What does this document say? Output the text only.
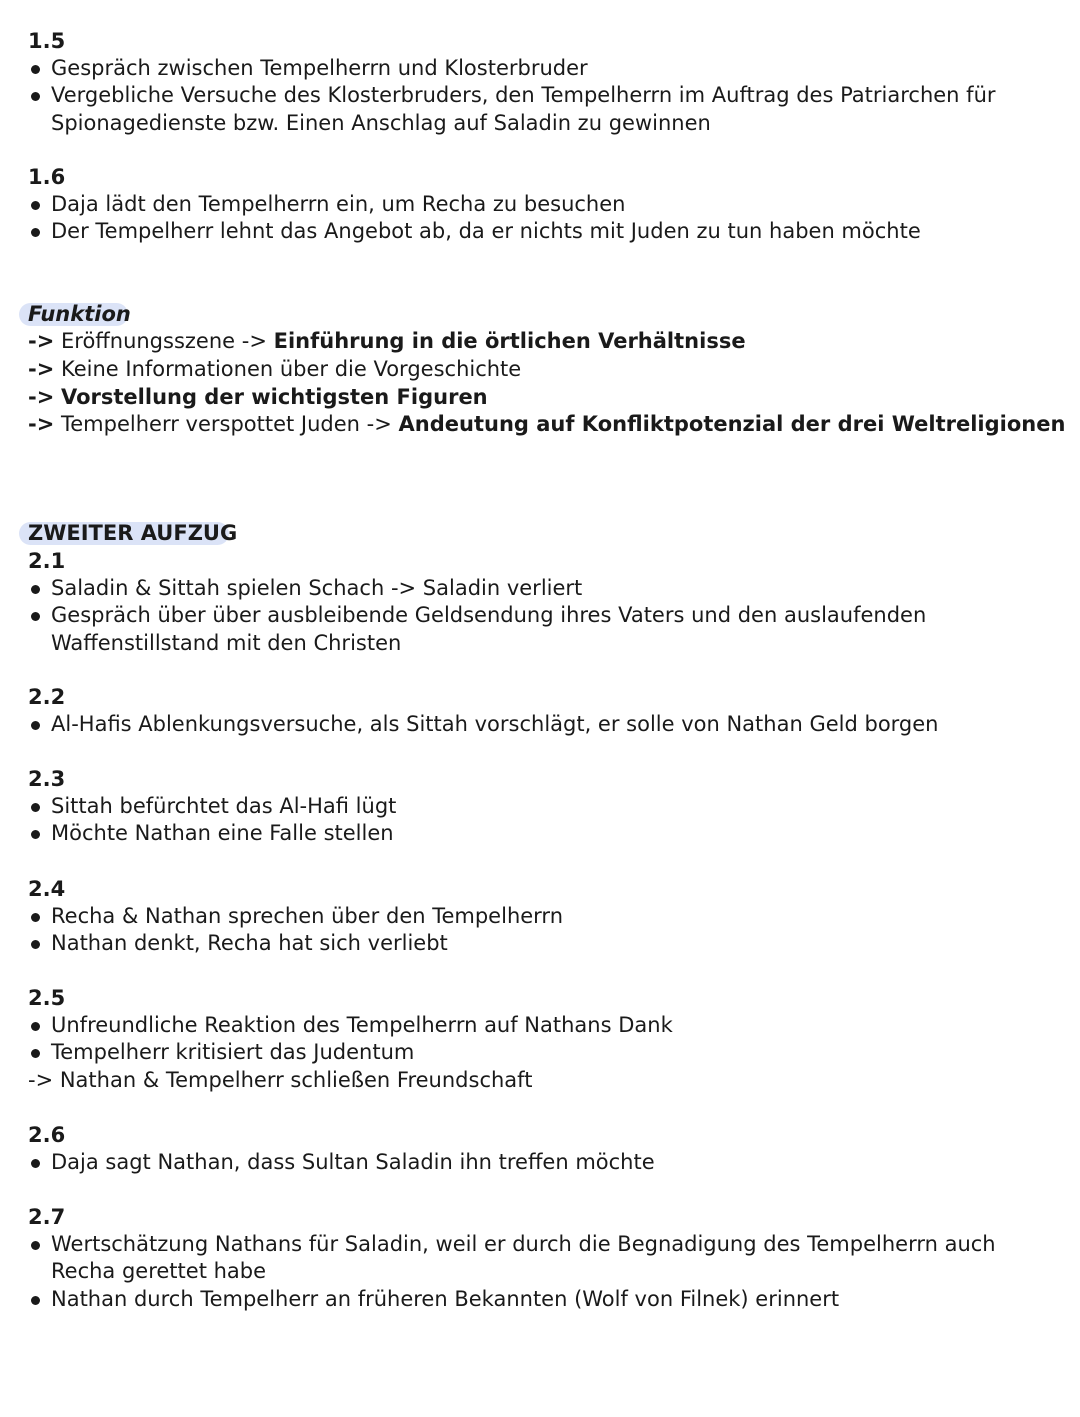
1.5
Gespräch zwischen Tempelherrn und Klosterbruder
Vergebliche Versuche des Klosterbruders, den Tempelherrn im Auftrag des Patriarchen für Spionagedienste bzw. Einen Anschlag auf Saladin zu gewinnen
1.6
Daja lädt den Tempelherrn ein, um Recha zu besuchen
Der Tempelherr lehnt das Angebot ab, da er nichts mit Juden zu tun haben möchte
Funktion
-> Eröffnungsszene -> Einführung in die örtlichen Verhältnisse
-> Keine Informationen über die Vorgeschichte
-> Vorstellung der wichtigsten Figuren
-> Tempelherr verspottet Juden -> Andeutung auf Konfliktpotenzial der drei Weltreligionen
ZWEITER AUFZUG
2.1
Saladin & Sittah spielen Schach -> Saladin verliert
Gespräch über über ausbleibende Geldsendung ihres Vaters und den auslaufenden Waffenstillstand mit den Christen
2.2
Al-Hafis Ablenkungsversuche, als Sittah vorschlägt, er solle von Nathan Geld borgen
2.3
Sittah befürchtet das Al-Hafi lügt
Möchte Nathan eine Falle stellen
2.4
Recha & Nathan sprechen über den Tempelherrn
Nathan denkt, Recha hat sich verliebt
2.5
Unfreundliche Reaktion des Tempelherrn auf Nathans Dank
Tempelherr kritisiert das Judentum
-> Nathan & Tempelherr schließen Freundschaft
2.6
Daja sagt Nathan, dass Sultan Saladin ihn treffen möchte
2.7
Wertschätzung Nathans für Saladin, weil er durch die Begnadigung des Tempelherrn auch Recha gerettet habe
Nathan durch Tempelherr an früheren Bekannten (Wolf von Filnek) erinnert
